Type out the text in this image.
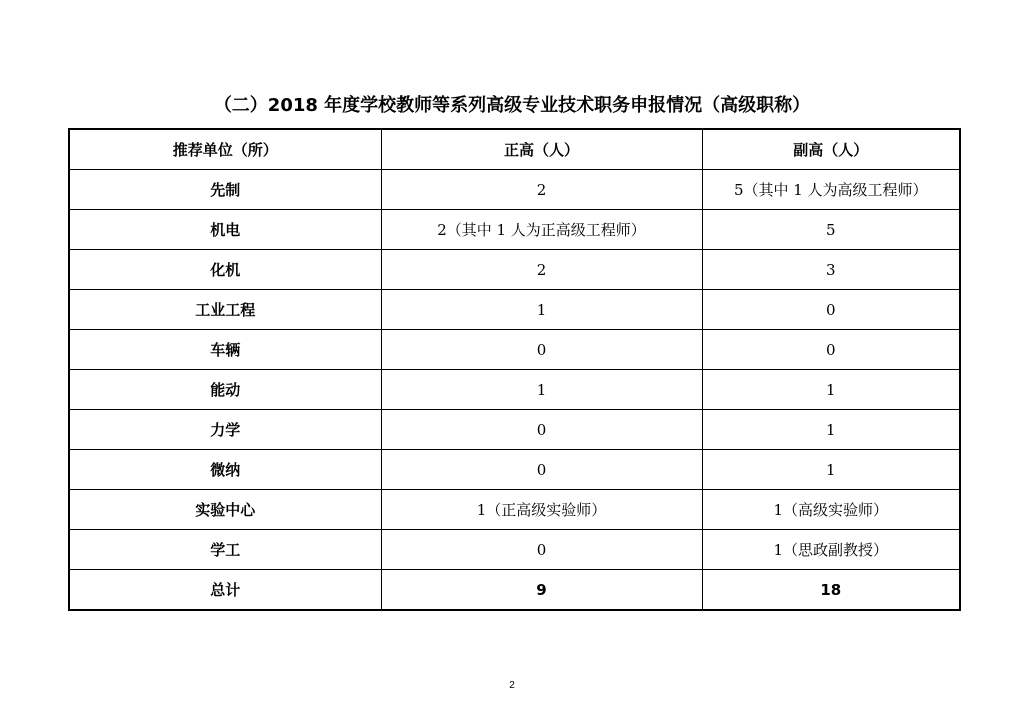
（二）2018 年度学校教师等系列高级专业技术职务申报情况（高级职称）
推荐单位（所）	正高（人）	副高（人）
先制	2	5（其中 1 人为高级工程师）
机电	2（其中 1 人为正高级工程师）	5
化机	2	3
工业工程	1	0
车辆	0	0
能动	1	1
力学	0	1
微纳	0	1
实验中心	1（正高级实验师）	1（高级实验师）
学工	0	1（思政副教授）
总计	9	18
2
